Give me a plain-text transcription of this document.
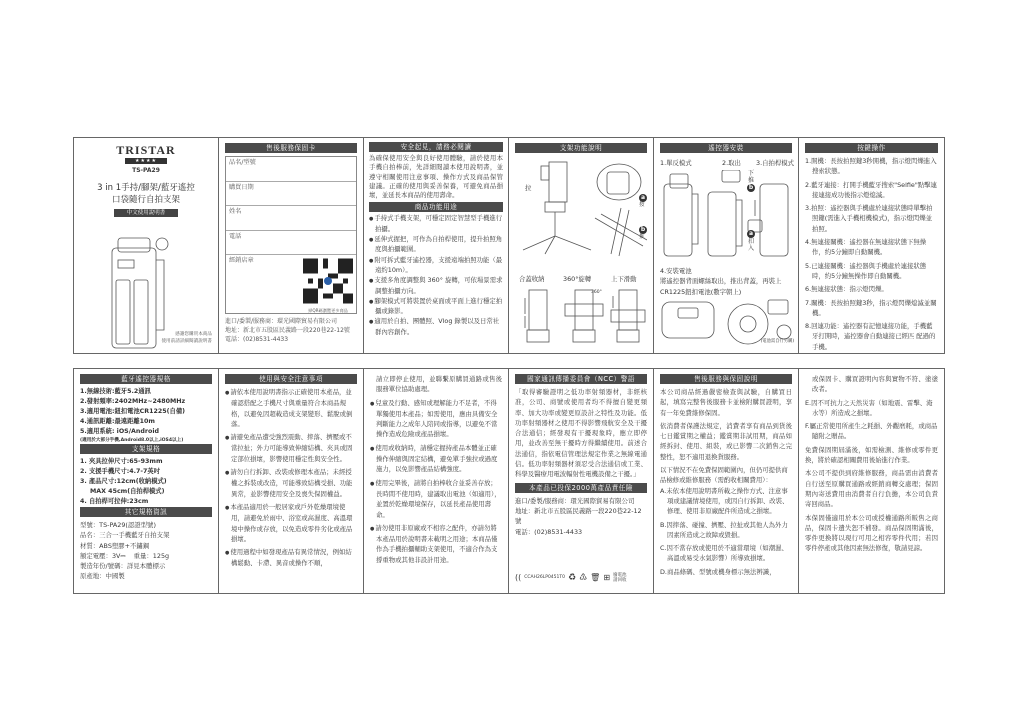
TRISTAR
★★★★
TS-PA29
3 in 1手持/腳架/藍牙遙控
口袋隨行自拍支架
中文使用說明書
感謝您購買本商品
使用前請詳細閱讀說明書
售後服務保固卡
品名/型號
購買日期
姓名
電話
經銷店章
掃QR碼瀏覽更多商品
進口/委製/服務商：環光國際貿易有限公司
地址：新北市五股區民義路一段220巷22-12號
電話：(02)8531-4433
安全起見，請務必閱讀
為確保使用安全與良好使用體驗，請於使用本手機自拍棒前，先詳細閱讀本使用說明書，並遵守相關使用注意事項、操作方式及商品保管建議。正確的使用與妥善保養，可避免商品損壞，並延長本商品的使用壽命。
商品功能用途
● 手持式手機支架，可穩定固定智慧型手機進行拍攝。
● 延伸式握把，可作為自拍桿使用，提升拍照角度與拍攝範圍。
● 附可拆式藍牙遙控器，支援遠端拍照功能（最遠約10m）。
● 支援多角度調整與 360° 旋轉，可依場景需求調整拍攝方向。
● 腳架模式可將裝置於桌面或平面上進行穩定拍攝或錄影。
● 適用於自拍、團體照、Vlog 錄製以及日常社群內容創作。
支架功能說明
拉
a
按
b
推
合蓋收納	360°旋轉	上下滑動
360°
遙控器安裝
1.單反模式	2.取出 3.自拍桿模式
下
推
b
a
扣
入
4.安裝電池
將遙控器背面螺絲取出，推出背蓋，再裝上CR1225鈕扣電池(數字朝上)
(電池需自行另購)
按鍵操作
1.開機：長按拍照鍵3秒開機，指示燈閃爍進入搜索狀態。
2.藍牙連接：打開手機藍牙搜索"Selfie"點擊連接連接成功後指示燈熄滅。
3.拍照：遙控器與手機處於連接狀態時單擊拍照鍵(需進入手機相機模式)，指示燈閃爍並拍照。
4.無連接關機：遙控器在無連接狀態下無操作，約5分鐘即自動關機。
5.已連接關機：遙控器與手機處於連接狀態時，約5分鐘無操作即自動關機。
6.無連接狀態：指示燈閃爍。
7.關機：長按拍照鍵3秒，指示燈閃爍熄滅並關機。
8.回連功能：遙控器有記憶連接功能，手機藍牙打開時，遙控器會自動連接已經匹 配過的手機。
藍牙遙控器規格
1.無線技術:藍牙5.2通訊
2.發射頻率:2402MHz~2480MHz
3.適用電池:鈕扣電池CR1225(自備)
4.通訊距離:最遠距離10m
5.適用系統: iOS/Android
(適用於大部分手機,Android8.0以上,iOS4以上)
支架規格
1. 夾具拉伸尺寸:65-93mm
2. 支援手機尺寸:4.7-7英吋
3. 產品尺寸:12cm(收納模式)
MAX 45cm(自拍桿模式)
4. 自拍桿可拉伸:23cm
其它規格資訊
型號：TS-PA29(認證型號)
品名：三合一手機藍牙自拍支架
材質：ABS塑膠+不鏽鋼
額定電壓：3V⎓ 重量：125g
製造年份/號碼：詳見本體標示
原產地：中國製
使用與安全注意事項
● 請依本使用說明書指示正確使用本產品，並確認搭配之手機尺寸與重量符合本商品規格，以避免因超載造成支架變形、鬆脫或倒落。
● 請避免產品遭受強烈震動、摔落、擠壓或不當拉扯；外力可能導致伸縮結構、夾具或固定部位損壞，影響使用穩定性與安全性。
● 請勿自行拆卸、改裝或修理本產品；未經授權之拆裝或改造，可能導致結構受損、功能異常，並影響使用安全及喪失保固權益。
● 本產品適用於一般居家或戶外乾燥環境使用，請避免於雨中、浴室或高濕度、高溫環境中操作或存放，以免造成零件劣化或產品損壞。
● 使用過程中如發現產品有異常情況，例如結構鬆動、卡滯、異音或操作不順，
請立即停止使用，並聯繫原購買通路或售後服務單位協助處理。
● 兒童及行動、感知或理解能力不足者，不得單獨使用本產品；如需使用，應由具備安全判斷能力之成年人陪同或指導，以避免不當操作造成危險或產品損壞。
● 使用或收納時，請穩定握持產品本體並正確操作伸縮與固定結構，避免單手強拉或過度施力，以免影響產品結構強度。
● 使用完畢後，請將自拍棒收合並妥善存放；長時間不使用時，建議取出電池（如適用），並置於乾燥環境保存，以延長產品使用壽命。
● 請勿使用非原廠或不相容之配件，亦請勿將本產品用於說明書未載明之用途；本商品僅作為手機拍攝輔助支架使用，不適合作為支撐重物或其他非設計用途。
國家通訊傳播委員會（NCC）警語
「取得審驗證明之低功率射頻器材，非經核准，公司、商號或使用者均不得擅自變更頻率、加大功率或變更原設計之特性及功能。低功率射頻器材之使用不得影響飛航安全及干擾合法通信；經發現有干擾現象時，應立即停用，並改善至無干擾時方得繼續使用。前述合法通信，指依電信管理法規定作業之無線電通信。低功率射頻器材須忍受合法通信或工業、科學及醫療用電波輻射性電機設備之干擾。」
本產品已投保2000萬產品責任險
進口/委製/服務商：環光國際貿易有限公司
地址：新北市五股區民義路一段220巷22-12號
電話：(02)8531-4433
(( CCAH26LP0451T0 ♻ ♳ 🗑 ⊞ 廢電池請回收
售後服務與保固說明
本公司商品經過嚴密檢查與試驗，自購買日起，填寫完整售後服務卡並檢附購買證明，享有一年免費維修保固。
依消費者保護法規定，消費者享有商品到貨後七日鑑賞期之權益；鑑賞期非試用期，商品如經拆封、使用、組裝，或已影響二次銷售之完整性，恕不適用退換貨服務。
以下情況不在免費保固範圍內，但仍可提供商品檢修或維修服務（需酌收相關費用）：
A.未依本使用說明書所載之操作方式、注意事項或建議情境使用，或因自行拆卸、改裝、修理、使用非原廠配件所造成之損壞。
B.因摔落、碰撞、擠壓、拉扯或其他人為外力因素所造成之故障或毀損。
C.因不當存放或使用於不適當環境（如潮濕、高溫或易受水氣影響）所導致損壞。
D.商品條碼、型號或機身標示無法辨識，
或保固卡、購買證明內容與實物不符、塗塗改者。
E.因不可抗力之天然災害（如地震、雷擊、淹水等）所造成之損壞。
F.屬正常使用所產生之耗損、外觀磨耗，或商品隨附之贈品。
免費保固期屆滿後，如需檢測、維修或零件更換，將於確認相關費用後始進行作業。
本公司不提供到府維修服務，商品需由消費者自行送至原購買通路或經銷商轉交處理；保固期內寄送費用由消費者自行負擔，本公司負責寄回商品。
本保固僅適用於本公司或授權通路所販售之商品，保固卡遺失恕不補發。商品保固期滿後，零件更換將以現行可用之相容零件代用；若因零件停產或其他因素無法修復，敬請見諒。
